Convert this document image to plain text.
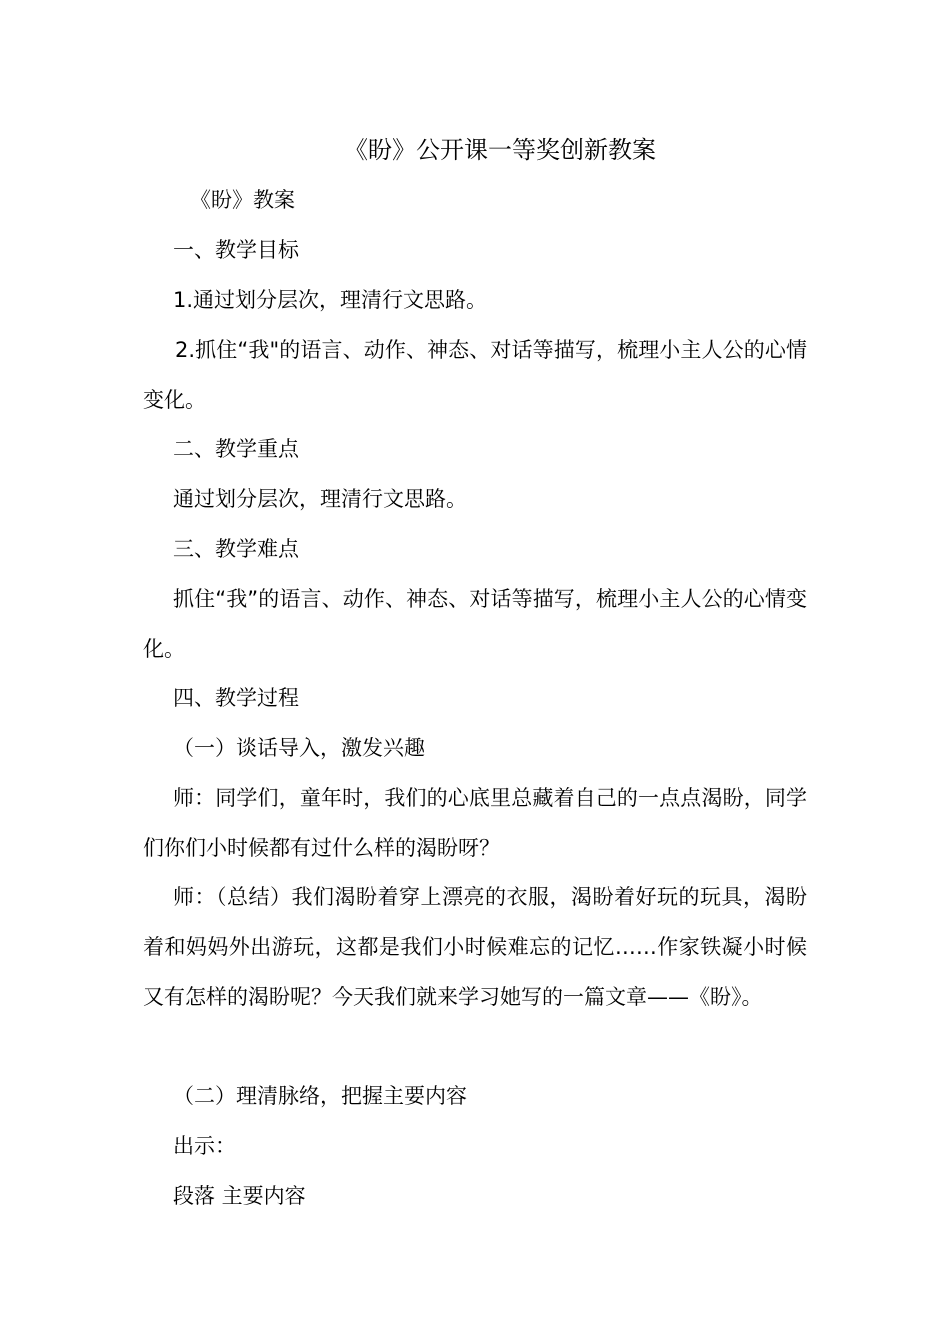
《盼》公开课一等奖创新教案
《盼》教案
一、教学目标
1.通过划分层次，理清行文思路。
2.抓住“我"的语言、动作、神态、对话等描写，梳理小主人公的心情变化。
二、教学重点
通过划分层次，理清行文思路。
三、教学难点
抓住“我”的语言、动作、神态、对话等描写，梳理小主人公的心情变化。
四、教学过程
（一）谈话导入，激发兴趣
师：同学们，童年时，我们的心底里总藏着自己的一点点渴盼，同学们你们小时候都有过什么样的渴盼呀？
师：（总结）我们渴盼着穿上漂亮的衣服，渴盼着好玩的玩具，渴盼着和妈妈外出游玩，这都是我们小时候难忘的记忆……作家铁凝小时候又有怎样的渴盼呢？今天我们就来学习她写的一篇文章——《盼》。
（二）理清脉络，把握主要内容
出示：
段落 主要内容
